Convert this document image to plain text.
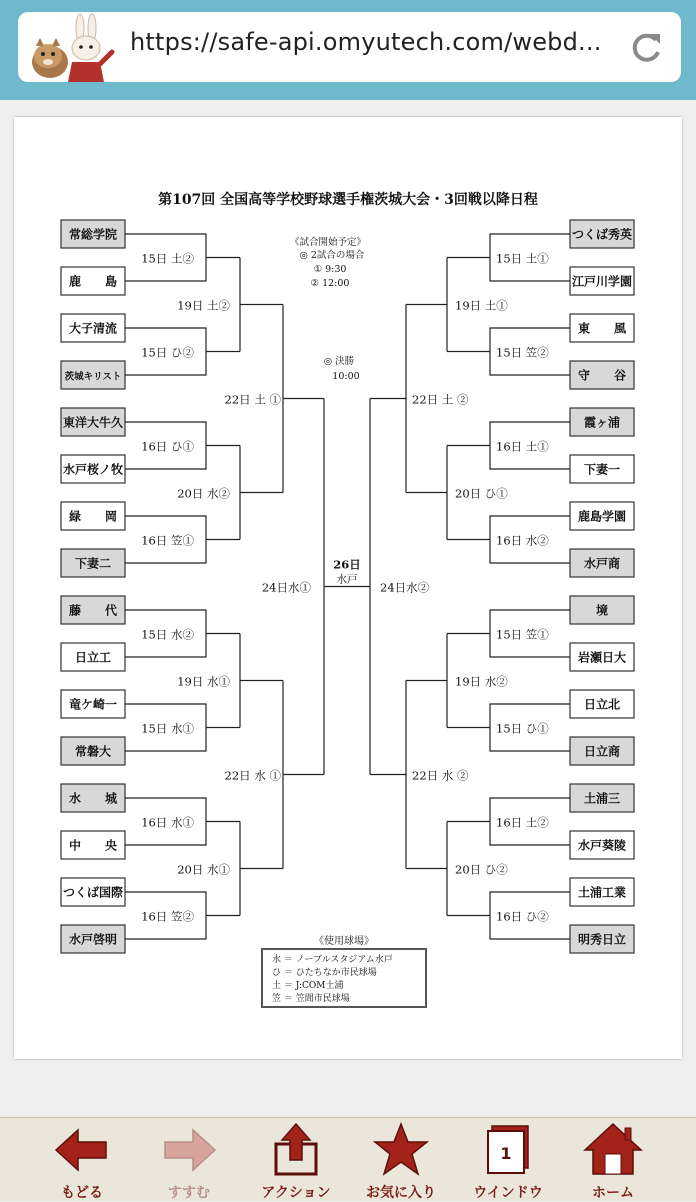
https://safe-api.omyutech.com/webd...
第107回 全国高等学校野球選手権茨城大会・3回戦以降日程
常総学院
鹿　　島
大子清流
茨城キリスト
東洋大牛久
水戸桜ノ牧
緑　　岡
下妻二
藤　　代
日立工
竜ケ崎一
常磐大
水　　城
中　　央
つくば国際
水戸啓明
つくば秀英
江戸川学園
東　　風
守　　谷
霞ヶ浦
下妻一
鹿島学園
水戸商
境
岩瀬日大
日立北
日立商
土浦三
水戸葵陵
土浦工業
明秀日立
15日 土②	15日 土①
15日 ひ②	15日 笠②
16日 ひ①	16日 土①
16日 笠①	16日 水②
15日 水②	15日 笠①
15日 水①	15日 ひ①
16日 水①	16日 土②
16日 笠②	16日 ひ②
19日 土②	19日 土①
20日 水②	20日 ひ①
19日 水①	19日 水②
20日 水①	20日 ひ②
22日 土 ①	22日 土 ②
22日 水 ①	22日 水 ②
24日水①	24日水②
26日
水戸
《試合開始予定》
◎ 2試合の場合
① 9:30
② 12:00
◎ 決勝
10:00
《使用球場》
水 ＝ ノーブルスタジアム水戸
ひ ＝ ひたちなか市民球場
土 ＝ J:COM土浦
笠 ＝ 笠間市民球場
もどる	すすむ	アクション	お気に入り
1
ウインドウ	ホーム
